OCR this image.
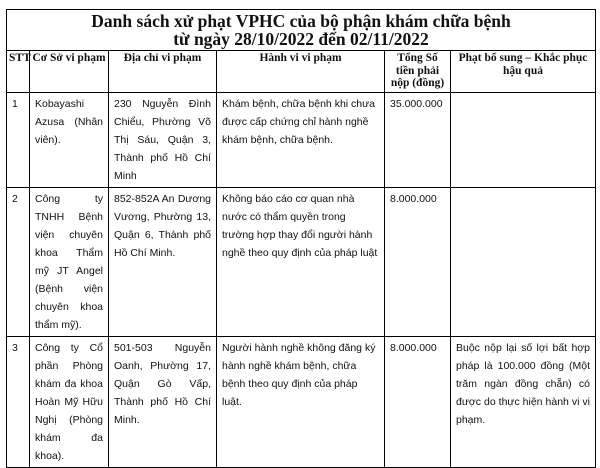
Danh sách xử phạt VPHC của bộ phận khám chữa bệnh
từ ngày 28/10/2022 đến 02/11/2022					

STT	Cơ Sở vi phạm	Địa chỉ vi phạm	Hành vi vi phạm	Tổng Số tiền phải nộp (đồng)	Phạt bổ sung – Khắc phục hậu quả
1	Kobayashi Azusa (Nhân viên).	230 Nguyễn Đình Chiểu, Phường Võ Thị Sáu, Quận 3, Thành phố Hồ Chí Minh	Khám bệnh, chữa bệnh khi chưa được cấp chứng chỉ hành nghề khám bệnh, chữa bệnh.	35.000.000	
2	Công ty TNHH Bệnh viện chuyên khoa Thẩm mỹ JT Angel (Bệnh viện chuyên khoa thẩm mỹ).	852-852A An Dương Vương, Phường 13, Quận 6, Thành phố Hồ Chí Minh.	Không báo cáo cơ quan nhà nước có thẩm quyền trong trường hợp thay đổi người hành nghề theo quy định của pháp luật	8.000.000	
3	Công ty Cổ phần Phòng khám đa khoa Hoàn Mỹ Hữu Nghị (Phòng khám đa khoa).	501-503 Nguyễn Oanh, Phường 17, Quận Gò Vấp, Thành phố Hồ Chí Minh.	Người hành nghề không đăng ký hành nghề khám bệnh, chữa bệnh theo quy định của pháp luật.	8.000.000	Buộc nộp lại số lợi bất hợp pháp là 100.000 đồng (Một trăm ngàn đồng chẵn) có được do thực hiện hành vi vi phạm.
